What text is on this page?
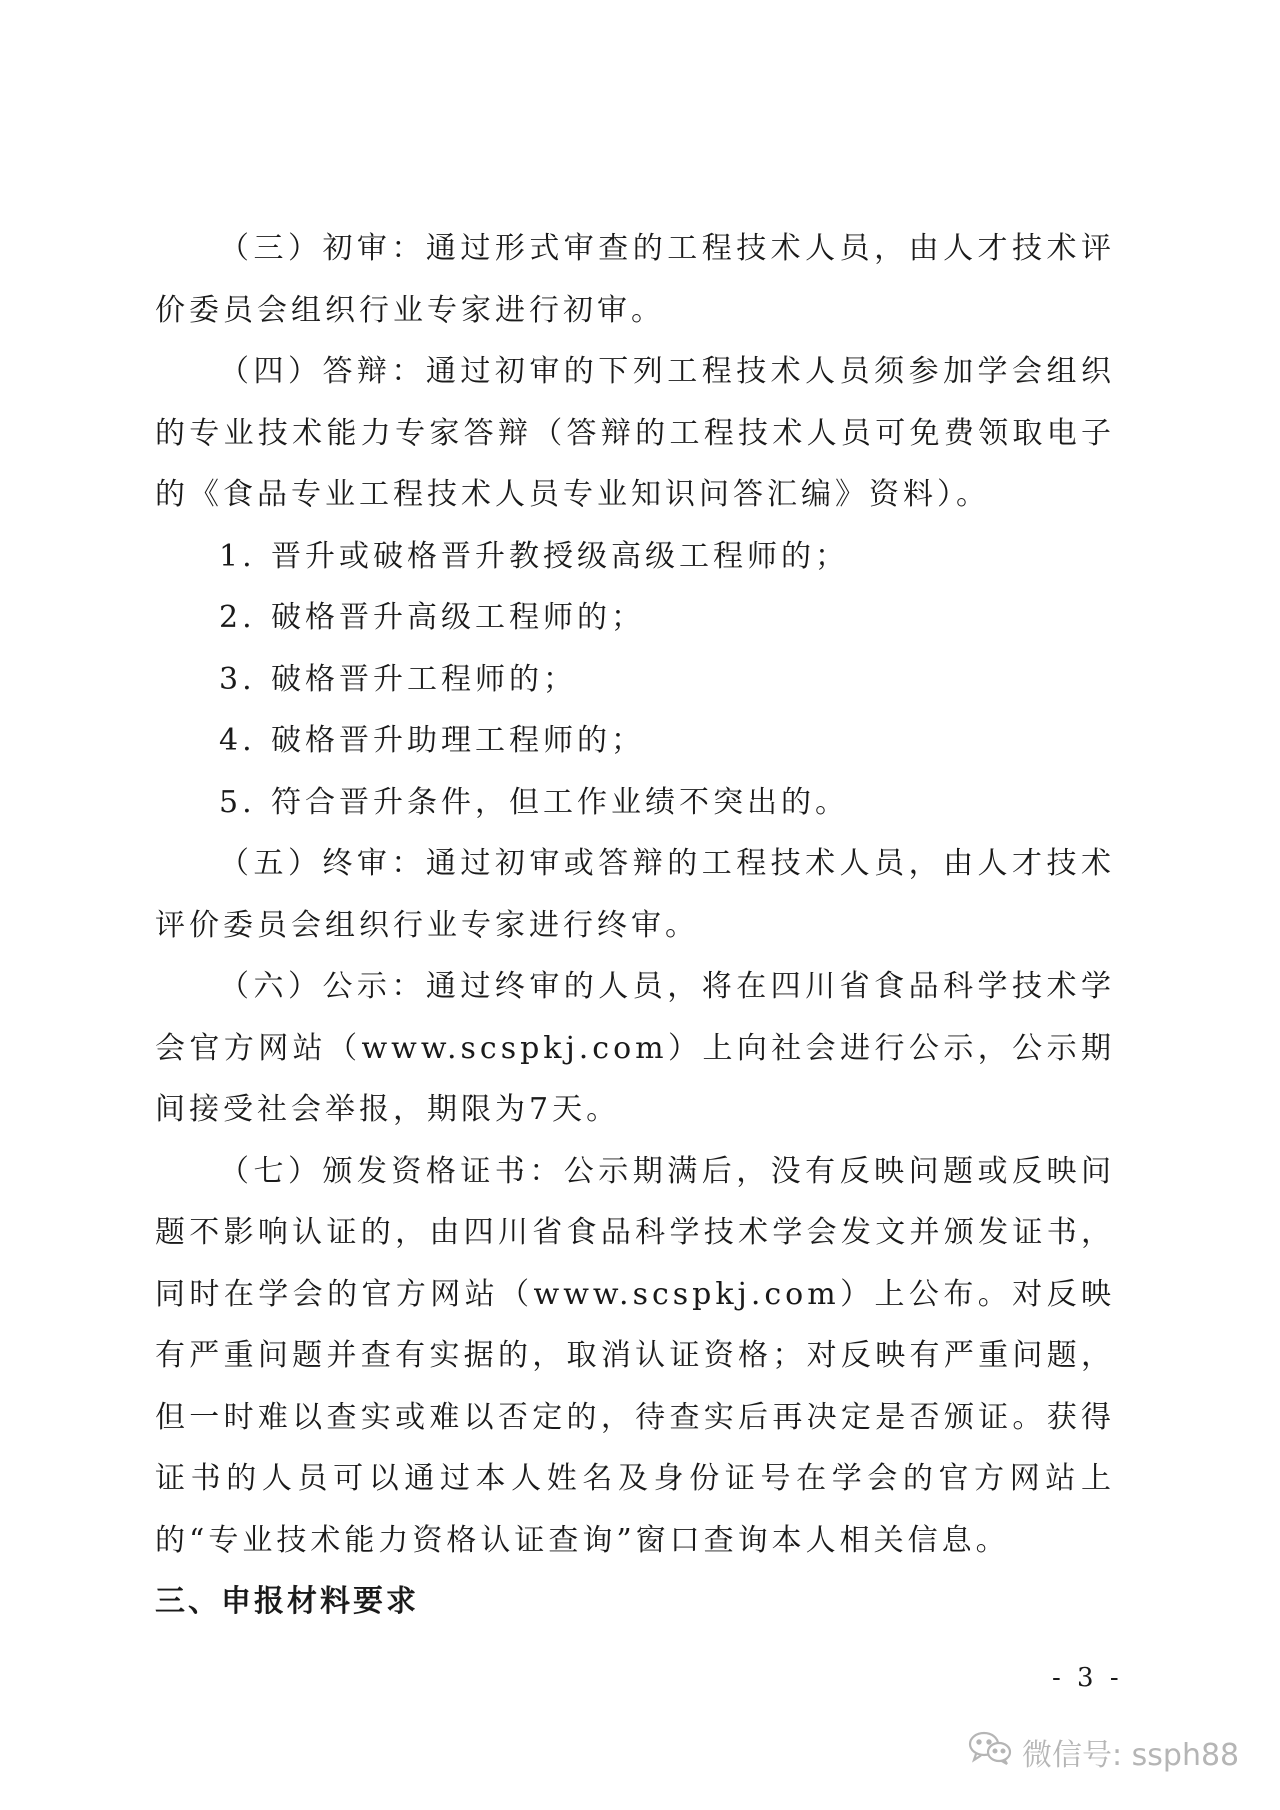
（三）初审：通过形式审查的工程技术人员，由人才技术评价委员会组织行业专家进行初审。

（四）答辩：通过初审的下列工程技术人员须参加学会组织的专业技术能力专家答辩（答辩的工程技术人员可免费领取电子的《食品专业工程技术人员专业知识问答汇编》资料）。

1. 晋升或破格晋升教授级高级工程师的；
2. 破格晋升高级工程师的；
3. 破格晋升工程师的；
4. 破格晋升助理工程师的；
5. 符合晋升条件，但工作业绩不突出的。

（五）终审：通过初审或答辩的工程技术人员，由人才技术评价委员会组织行业专家进行终审。

（六）公示：通过终审的人员，将在四川省食品科学技术学会官方网站（www.scspkj.com）上向社会进行公示，公示期间接受社会举报，期限为7天。

（七）颁发资格证书：公示期满后，没有反映问题或反映问题不影响认证的，由四川省食品科学技术学会发文并颁发证书，同时在学会的官方网站（www.scspkj.com）上公布。对反映有严重问题并查有实据的，取消认证资格；对反映有严重问题，但一时难以查实或难以否定的，待查实后再决定是否颁证。获得证书的人员可以通过本人姓名及身份证号在学会的官方网站上的“专业技术能力资格认证查询”窗口查询本人相关信息。

三、申报材料要求
- 3 -
微信号: ssph88
